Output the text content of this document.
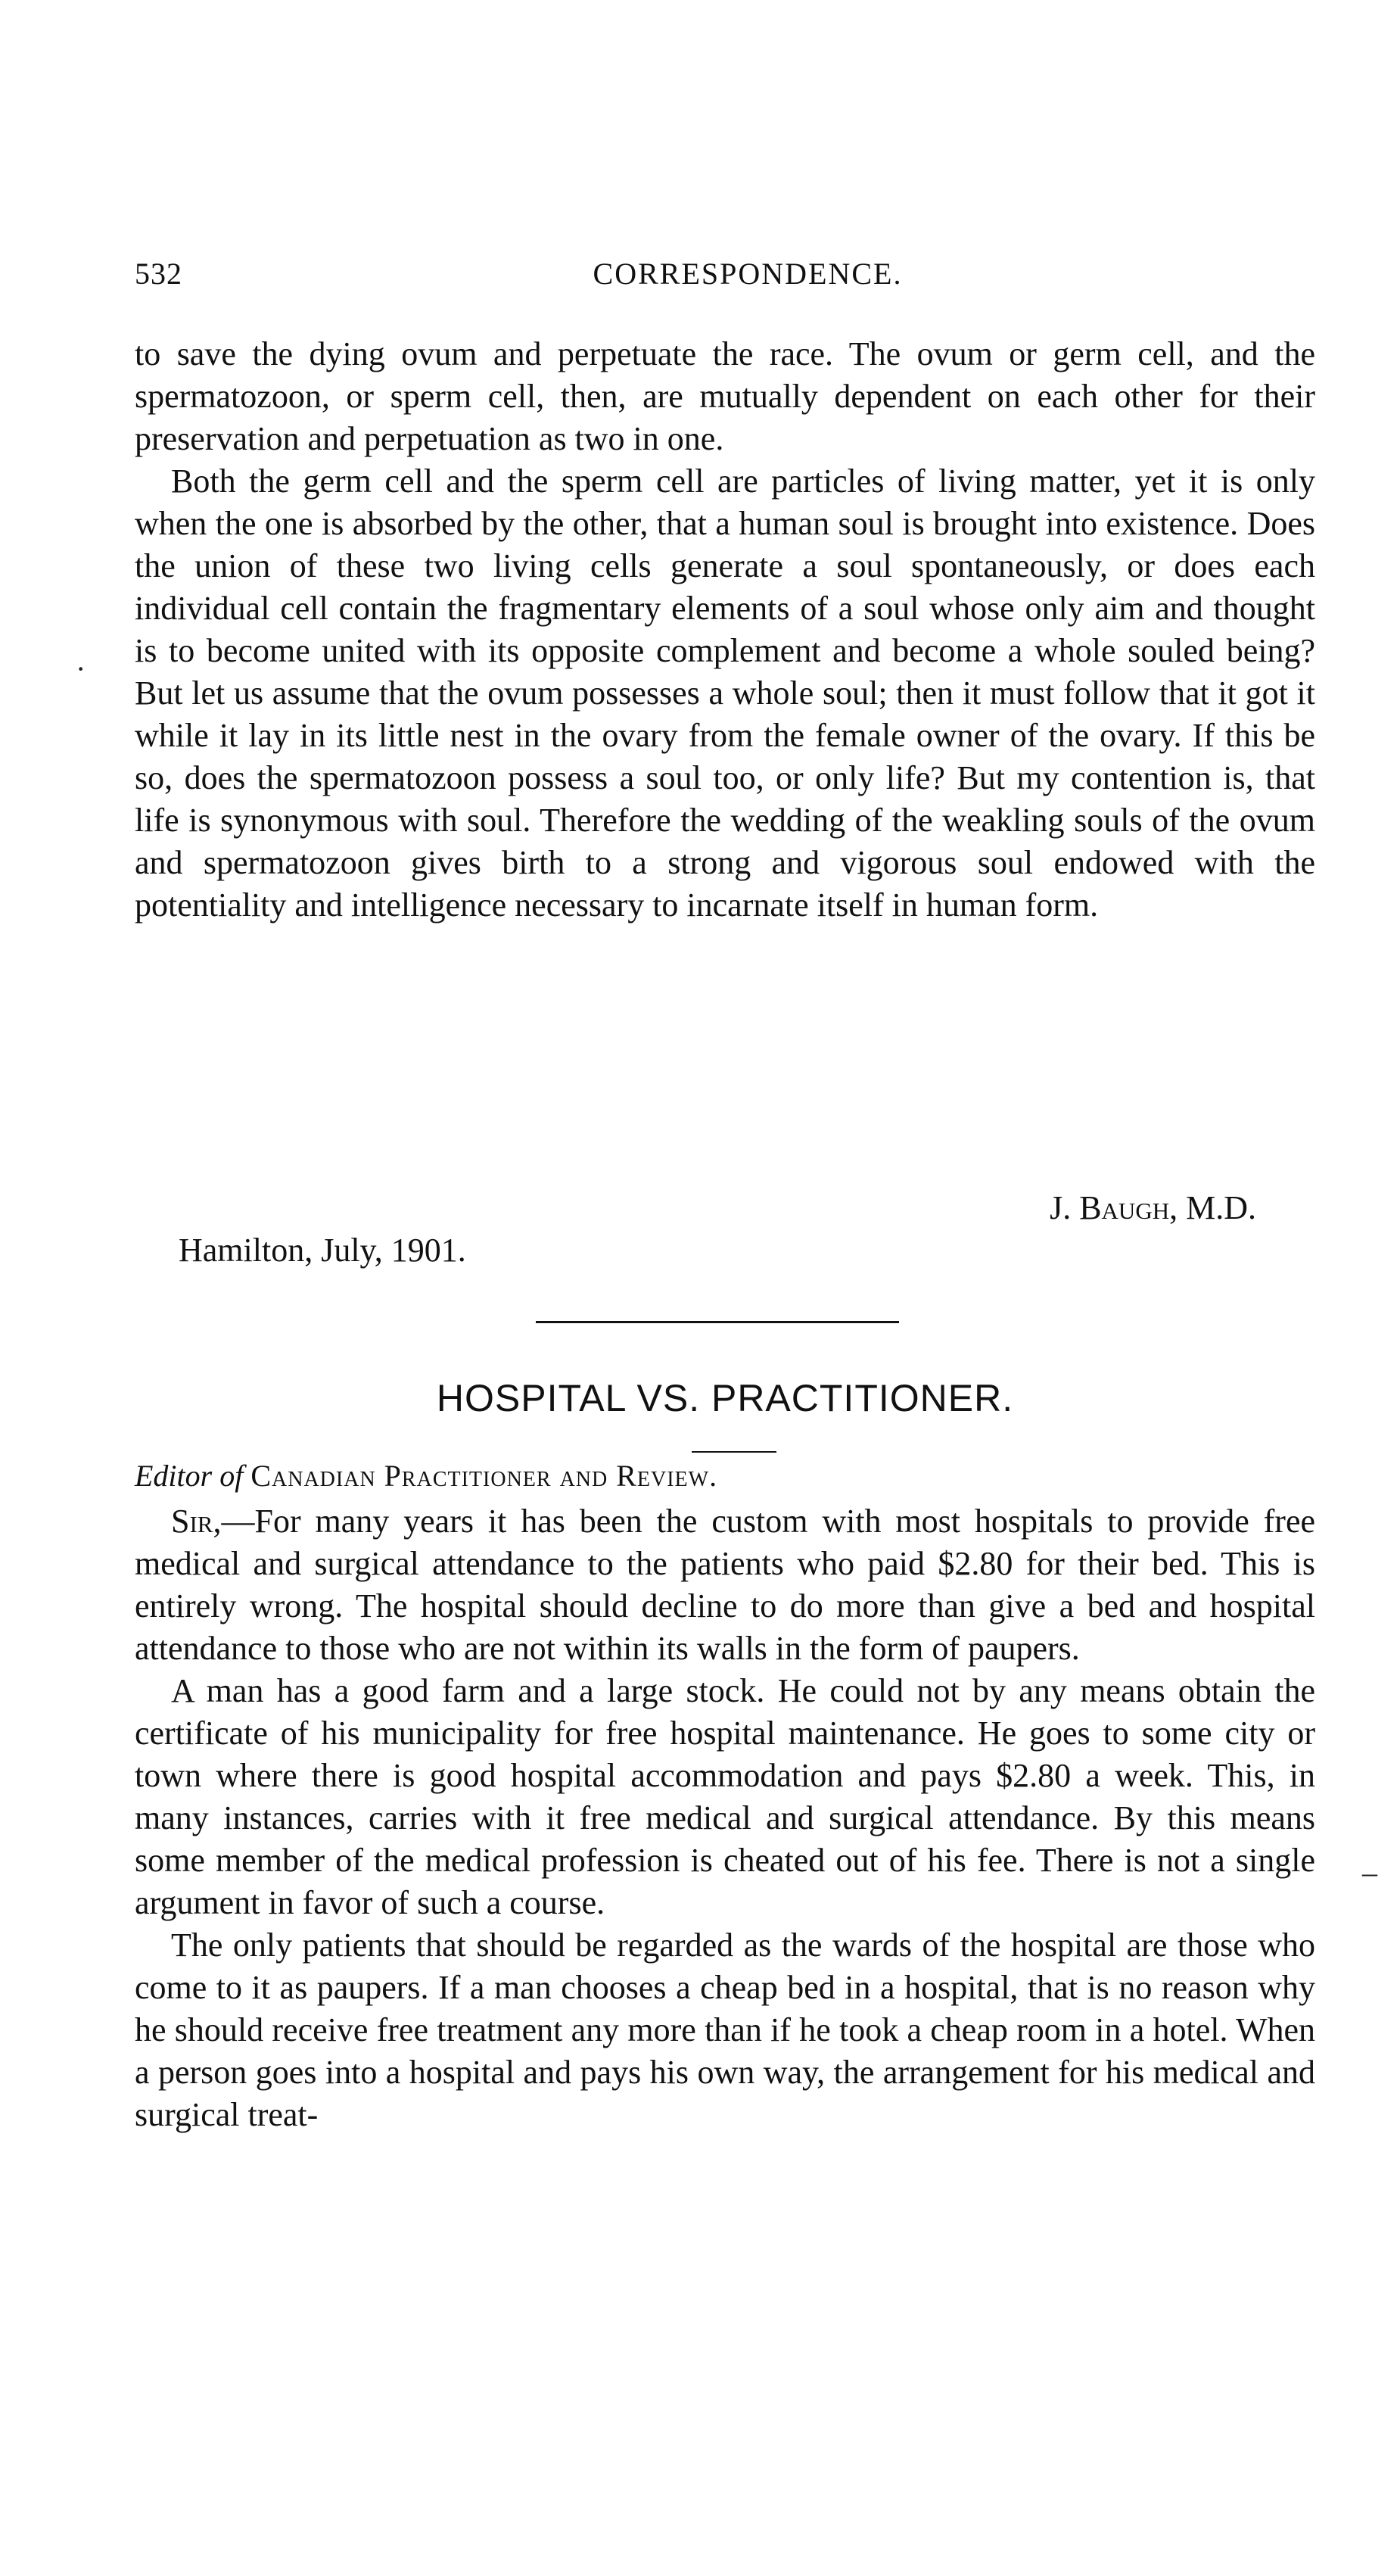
532	CORRESPONDENCE.

to save the dying ovum and perpetuate the race. The ovum or germ cell, and the spermatozoon, or sperm cell, then, are mutually dependent on each other for their preservation and perpetuation as two in one.

Both the germ cell and the sperm cell are particles of living matter, yet it is only when the one is absorbed by the other, that a human soul is brought into existence. Does the union of these two living cells generate a soul spontaneously, or does each individual cell contain the fragmentary elements of a soul whose only aim and thought is to become united with its opposite complement and become a whole souled being? But let us assume that the ovum possesses a whole soul; then it must follow that it got it while it lay in its little nest in the ovary from the female owner of the ovary. If this be so, does the spermatozoon possess a soul too, or only life? But my contention is, that life is synonymous with soul. Therefore the wedding of the weakling souls of the ovum and spermatozoon gives birth to a strong and vigorous soul endowed with the potentiality and intelligence necessary to incarnate itself in human form.

J. Baugh, M.D.
Hamilton, July, 1901.
HOSPITAL VS. PRACTITIONER.
Editor of Canadian Practitioner and Review.

Sir,—For many years it has been the custom with most hospitals to provide free medical and surgical attendance to the patients who paid $2.80 for their bed. This is entirely wrong. The hospital should decline to do more than give a bed and hospital attendance to those who are not within its walls in the form of paupers.

A man has a good farm and a large stock. He could not by any means obtain the certificate of his municipality for free hospital maintenance. He goes to some city or town where there is good hospital accommodation and pays $2.80 a week. This, in many instances, carries with it free medical and surgical attendance. By this means some member of the medical profession is cheated out of his fee. There is not a single argument in favor of such a course.

The only patients that should be regarded as the wards of the hospital are those who come to it as paupers. If a man chooses a cheap bed in a hospital, that is no reason why he should receive free treatment any more than if he took a cheap room in a hotel. When a person goes into a hospital and pays his own way, the arrangement for his medical and surgical treat-

·
–
